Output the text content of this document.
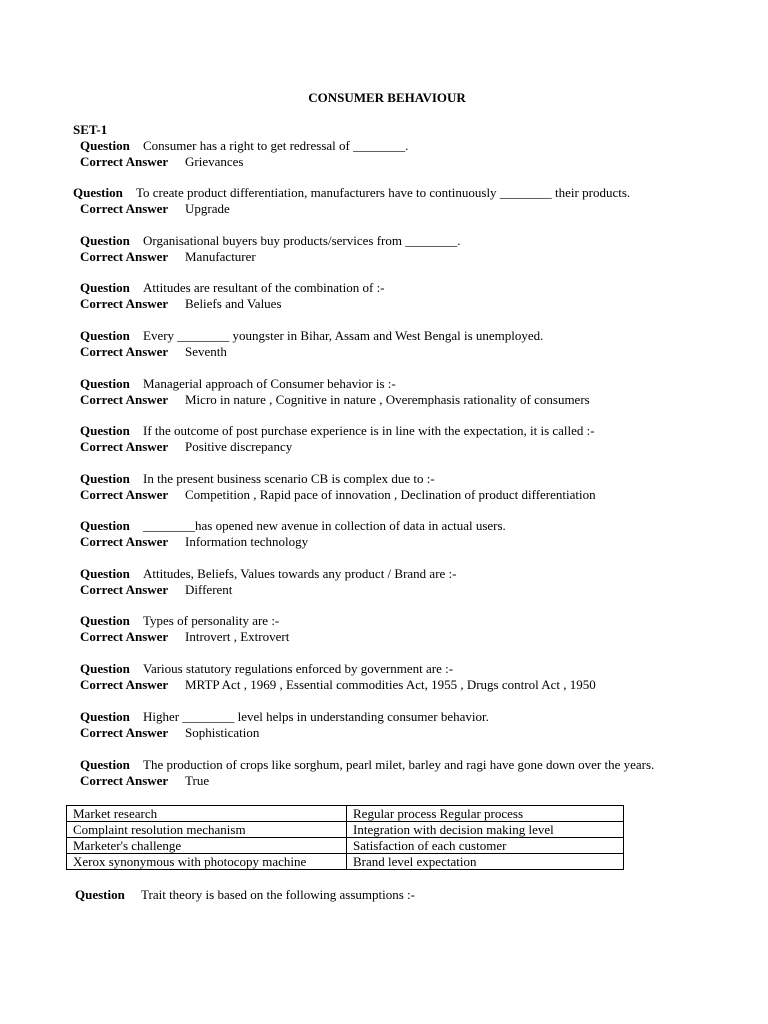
CONSUMER BEHAVIOUR
SET-1
Question Consumer has a right to get redressal of ________.
Correct Answer Grievances
Question To create product differentiation, manufacturers have to continuously ________ their products.
Correct Answer Upgrade
Question Organisational buyers buy products/services from ________.
Correct Answer Manufacturer
Question Attitudes are resultant of the combination of :-
Correct Answer Beliefs and Values
Question Every ________ youngster in Bihar, Assam and West Bengal is unemployed.
Correct Answer Seventh
Question Managerial approach of Consumer behavior is :-
Correct Answer Micro in nature , Cognitive in nature , Overemphasis rationality of consumers
Question If the outcome of post purchase experience is in line with the expectation, it is called :-
Correct Answer Positive discrepancy
Question In the present business scenario CB is complex due to :-
Correct Answer Competition , Rapid pace of innovation , Declination of product differentiation
Question ________has opened new avenue in collection of data in actual users.
Correct Answer Information technology
Question Attitudes, Beliefs, Values towards any product / Brand are :-
Correct Answer Different
Question Types of personality are :-
Correct Answer Introvert , Extrovert
Question Various statutory regulations enforced by government are :-
Correct Answer MRTP Act , 1969 , Essential commodities Act, 1955 , Drugs control Act , 1950
Question Higher ________ level helps in understanding consumer behavior.
Correct Answer Sophistication
Question The production of crops like sorghum, pearl milet, barley and ragi have gone down over the years.
Correct Answer True
Market research	Regular process Regular process
Complaint resolution mechanism	Integration with decision making level
Marketer's challenge	Satisfaction of each customer
Xerox synonymous with photocopy machine	Brand level expectation
Question Trait theory is based on the following assumptions :-
